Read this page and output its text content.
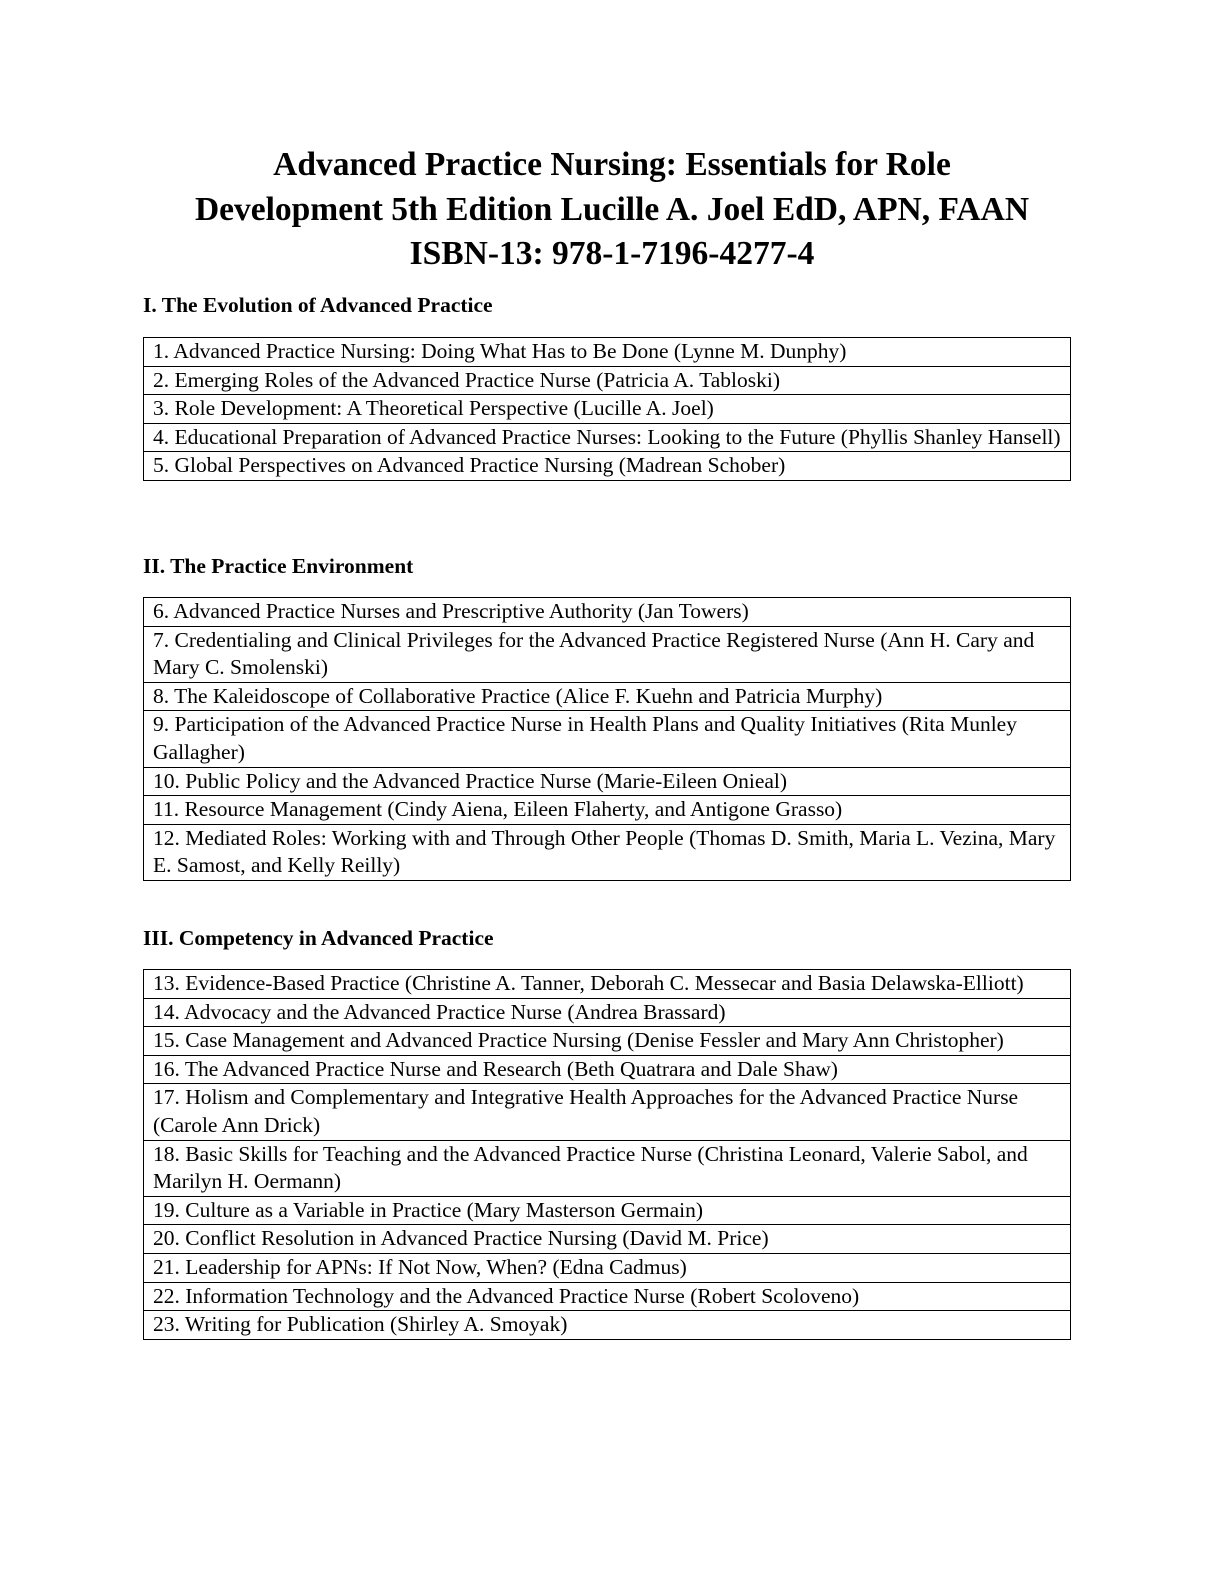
Advanced Practice Nursing: Essentials for Role
Development 5th Edition Lucille A. Joel EdD, APN, FAAN
ISBN-13: 978-1-7196-4277-4
I. The Evolution of Advanced Practice
1. Advanced Practice Nursing: Doing What Has to Be Done (Lynne M. Dunphy)
2. Emerging Roles of the Advanced Practice Nurse (Patricia A. Tabloski)
3. Role Development: A Theoretical Perspective (Lucille A. Joel)
4. Educational Preparation of Advanced Practice Nurses: Looking to the Future (Phyllis Shanley Hansell)
5. Global Perspectives on Advanced Practice Nursing (Madrean Schober)
II. The Practice Environment
6. Advanced Practice Nurses and Prescriptive Authority (Jan Towers)
7. Credentialing and Clinical Privileges for the Advanced Practice Registered Nurse (Ann H. Cary and Mary C. Smolenski)
8. The Kaleidoscope of Collaborative Practice (Alice F. Kuehn and Patricia Murphy)
9. Participation of the Advanced Practice Nurse in Health Plans and Quality Initiatives (Rita Munley Gallagher)
10. Public Policy and the Advanced Practice Nurse (Marie-Eileen Onieal)
11. Resource Management (Cindy Aiena, Eileen Flaherty, and Antigone Grasso)
12. Mediated Roles: Working with and Through Other People (Thomas D. Smith, Maria L. Vezina, Mary E. Samost, and Kelly Reilly)
III. Competency in Advanced Practice
13. Evidence-Based Practice (Christine A. Tanner, Deborah C. Messecar and Basia Delawska-Elliott)
14. Advocacy and the Advanced Practice Nurse (Andrea Brassard)
15. Case Management and Advanced Practice Nursing (Denise Fessler and Mary Ann Christopher)
16. The Advanced Practice Nurse and Research (Beth Quatrara and Dale Shaw)
17. Holism and Complementary and Integrative Health Approaches for the Advanced Practice Nurse (Carole Ann Drick)
18. Basic Skills for Teaching and the Advanced Practice Nurse (Christina Leonard, Valerie Sabol, and Marilyn H. Oermann)
19. Culture as a Variable in Practice (Mary Masterson Germain)
20. Conflict Resolution in Advanced Practice Nursing (David M. Price)
21. Leadership for APNs: If Not Now, When? (Edna Cadmus)
22. Information Technology and the Advanced Practice Nurse (Robert Scoloveno)
23. Writing for Publication (Shirley A. Smoyak)
